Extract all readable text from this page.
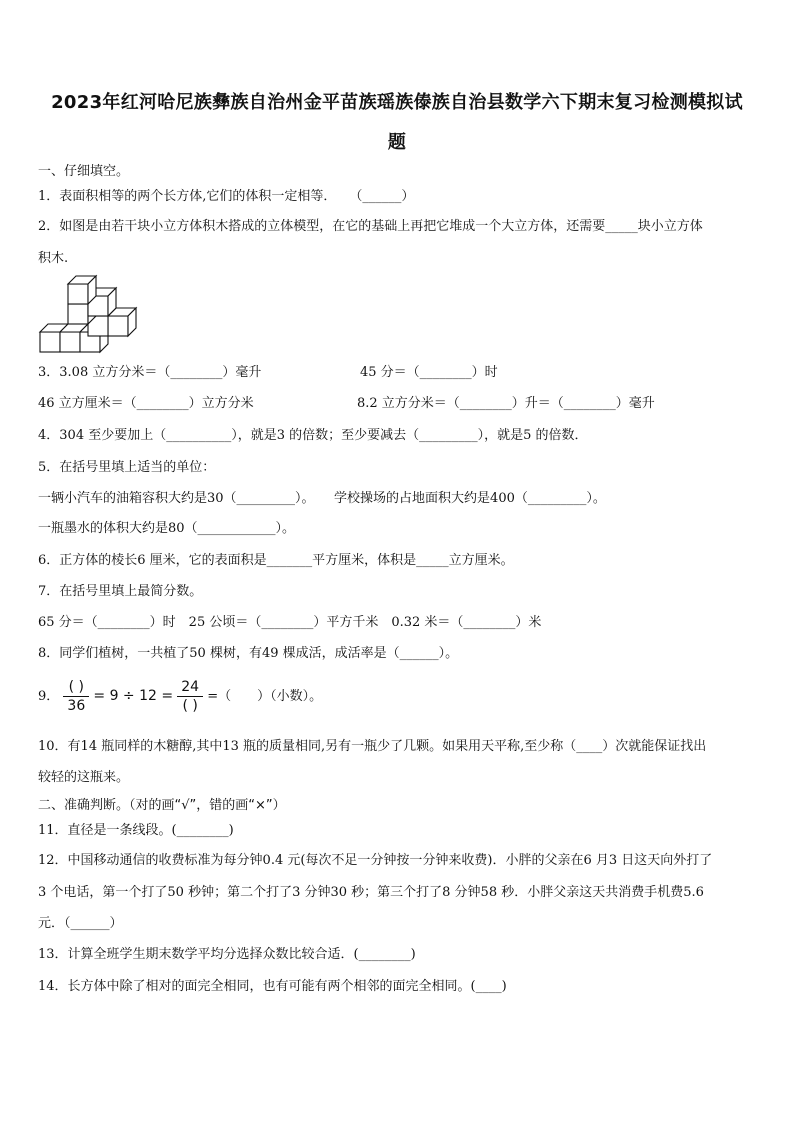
2023年红河哈尼族彝族自治州金平苗族瑶族傣族自治县数学六下期末复习检测模拟试
题
一、仔细填空。
1．表面积相等的两个长方体,它们的体积一定相等．　　（______）
2．如图是由若干块小立方体积木搭成的立体模型，在它的基础上再把它堆成一个大立方体，还需要_____块小立方体
积木.
3．3.08 立方分米＝（________）毫升	45 分＝（________）时
46 立方厘米＝（________）立方分米	8.2 立方分米＝（________）升＝（________）毫升
4．304 至少要加上（__________），就是3 的倍数；至少要减去（_________），就是5 的倍数．
5．在括号里填上适当的单位：
一辆小汽车的油箱容积大约是30（_________）。　　学校操场的占地面积大约是400（_________）。
一瓶墨水的体积大约是80（____________）。
6．正方体的棱长6 厘米，它的表面积是_______平方厘米，体积是_____立方厘米。
7．在括号里填上最简分数。
65 分＝（________）时　25 公顷＝（________）平方千米　0.32 米＝（________）米
8．同学们植树，一共植了50 棵树，有49 棵成活，成活率是（______）。
9． $\frac{( )}{36} = 9 \div 12 = \frac{24}{( )}$ =（　　）（小数）。
10．有14 瓶同样的木糖醇,其中13 瓶的质量相同,另有一瓶少了几颗。如果用天平称,至少称（____）次就能保证找出
较轻的这瓶来。
二、准确判断。（对的画“√”，错的画“×”）
11．直径是一条线段。(________)
12．中国移动通信的收费标准为每分钟0.4 元(每次不足一分钟按一分钟来收费)．小胖的父亲在6 月3 日这天向外打了
3 个电话，第一个打了50 秒钟；第二个打了3 分钟30 秒；第三个打了8 分钟58 秒．小胖父亲这天共消费手机费5.6
元．（______）
13．计算全班学生期末数学平均分选择众数比较合适．(________)
14．长方体中除了相对的面完全相同，也有可能有两个相邻的面完全相同。(____)
